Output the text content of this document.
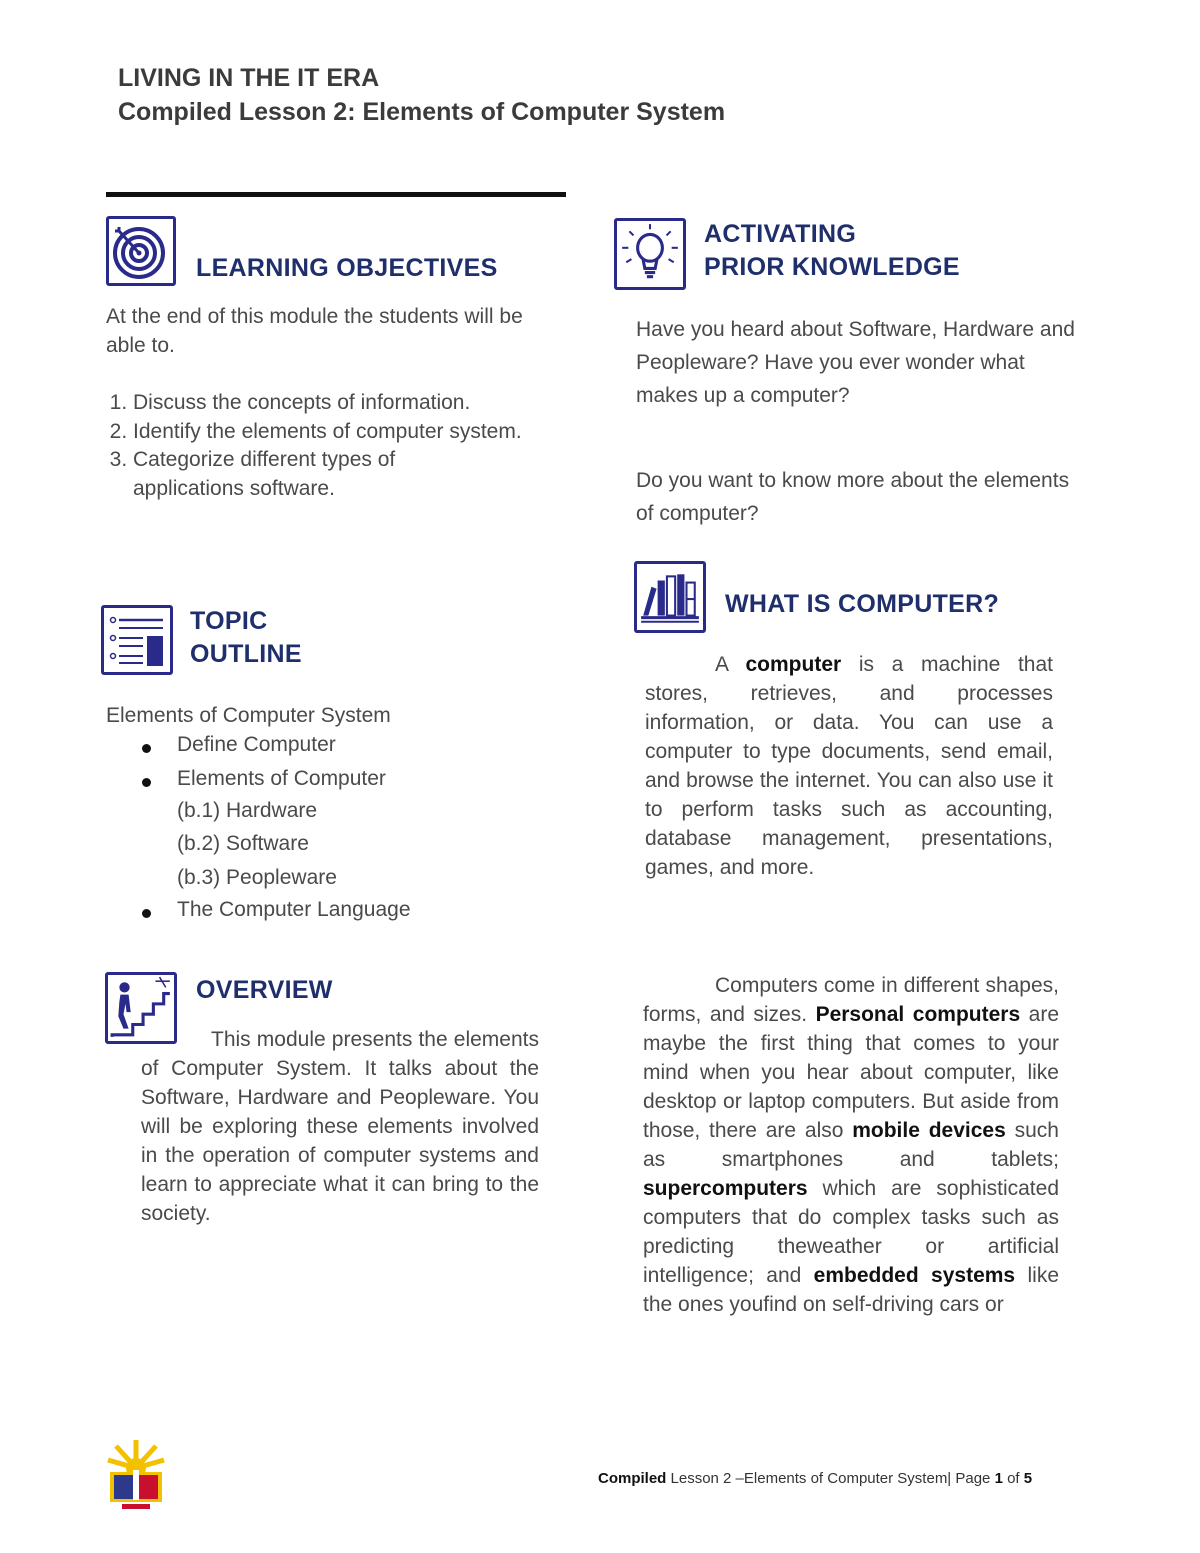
LIVING IN THE IT ERA
Compiled Lesson 2: Elements of Computer System
LEARNING OBJECTIVES
At the end of this module the students will be able to.
1. Discuss the concepts of information.
2. Identify the elements of computer system.
3. Categorize different types of applications software.
TOPIC
OUTLINE
Elements of Computer System
Define Computer
Elements of Computer
(b.1) Hardware
(b.2) Software
(b.3) Peopleware
The Computer Language
OVERVIEW
This module presents the elements of Computer System. It talks about the Software, Hardware and Peopleware. You will be exploring these elements involved in the operation of computer systems and learn to appreciate what it can bring to the society.
ACTIVATING
PRIOR KNOWLEDGE
Have you heard about Software, Hardware and Peopleware? Have you ever wonder what makes up a computer?
Do you want to know more about the elements of computer?
WHAT IS COMPUTER?
A computer is a machine that stores, retrieves, and processes information, or data. You can use a computer to type documents, send email, and browse the internet. You can also use it to perform tasks such as accounting, database management, presentations, games, and more.
Computers come in different shapes, forms, and sizes. Personal computers are maybe the first thing that comes to your mind when you hear about computer, like desktop or laptop computers. But aside from those, there are also mobile devices such as smartphones and tablets; supercomputers which are sophisticated computers that do complex tasks such as predicting theweather or artificial intelligence; and embedded systems like the ones youfind on self-driving cars or
Compiled Lesson 2 –Elements of Computer System| Page 1 of 5
